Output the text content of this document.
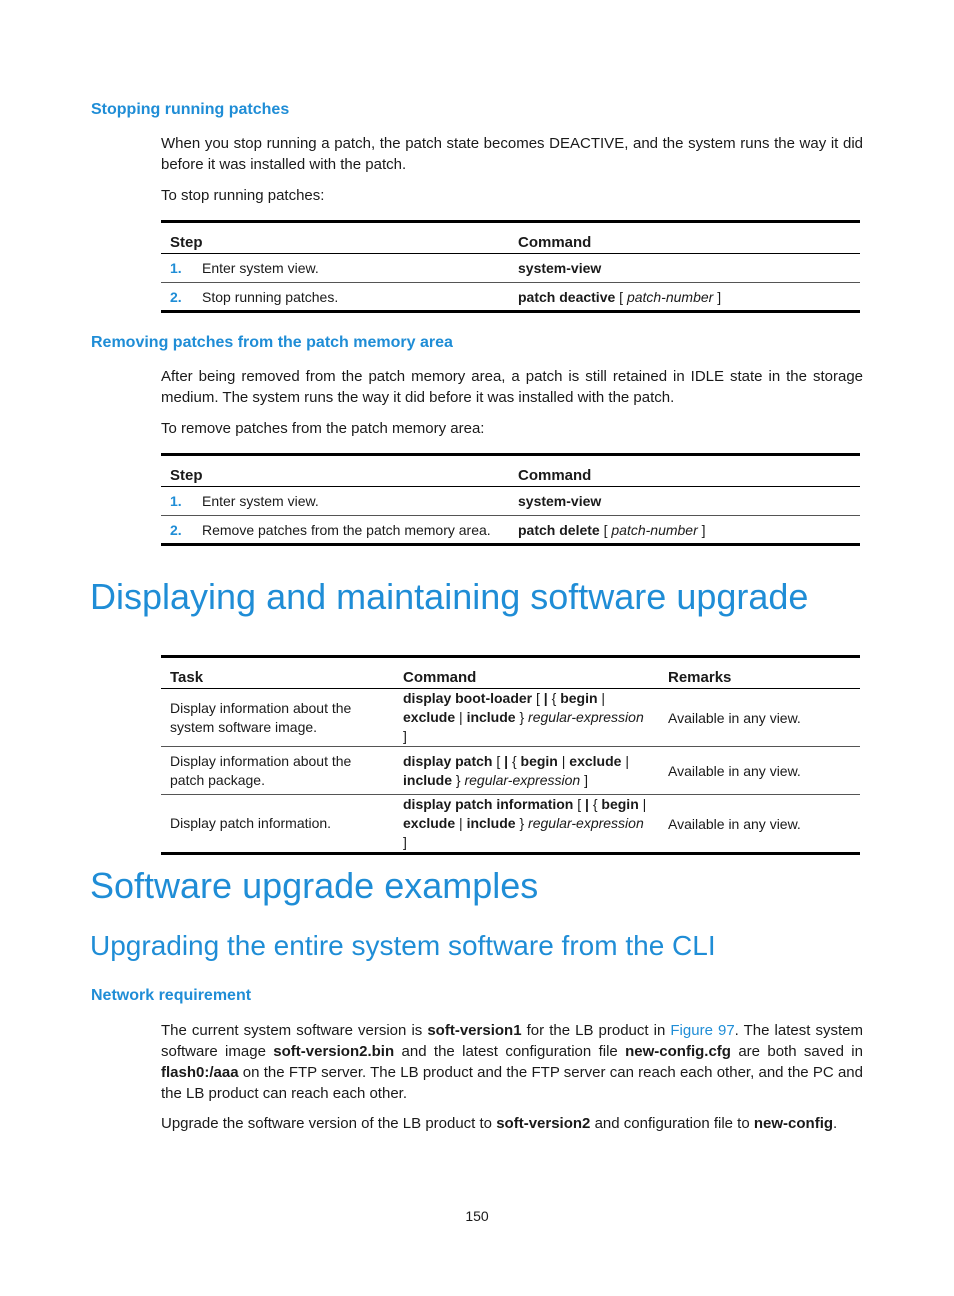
Stopping running patches
When you stop running a patch, the patch state becomes DEACTIVE, and the system runs the way it did before it was installed with the patch.
To stop running patches:
Step	Command
1. Enter system view.	system-view
2. Stop running patches.	patch deactive [ patch-number ]
Removing patches from the patch memory area
After being removed from the patch memory area, a patch is still retained in IDLE state in the storage medium. The system runs the way it did before it was installed with the patch.
To remove patches from the patch memory area:
Step	Command
1. Enter system view.	system-view
2. Remove patches from the patch memory area.	patch delete [ patch-number ]
Displaying and maintaining software upgrade
Task	Command	Remarks
Display information about the system software image.	display boot-loader [ | { begin | exclude | include } regular-expression ]	Available in any view.
Display information about the patch package.	display patch [ | { begin | exclude | include } regular-expression ]	Available in any view.
Display patch information.	display patch information [ | { begin | exclude | include } regular-expression ]	Available in any view.
Software upgrade examples
Upgrading the entire system software from the CLI
Network requirement
The current system software version is soft-version1 for the LB product in Figure 97. The latest system software image soft-version2.bin and the latest configuration file new-config.cfg are both saved in flash0:/aaa on the FTP server. The LB product and the FTP server can reach each other, and the PC and the LB product can reach each other.
Upgrade the software version of the LB product to soft-version2 and configuration file to new-config.
150
